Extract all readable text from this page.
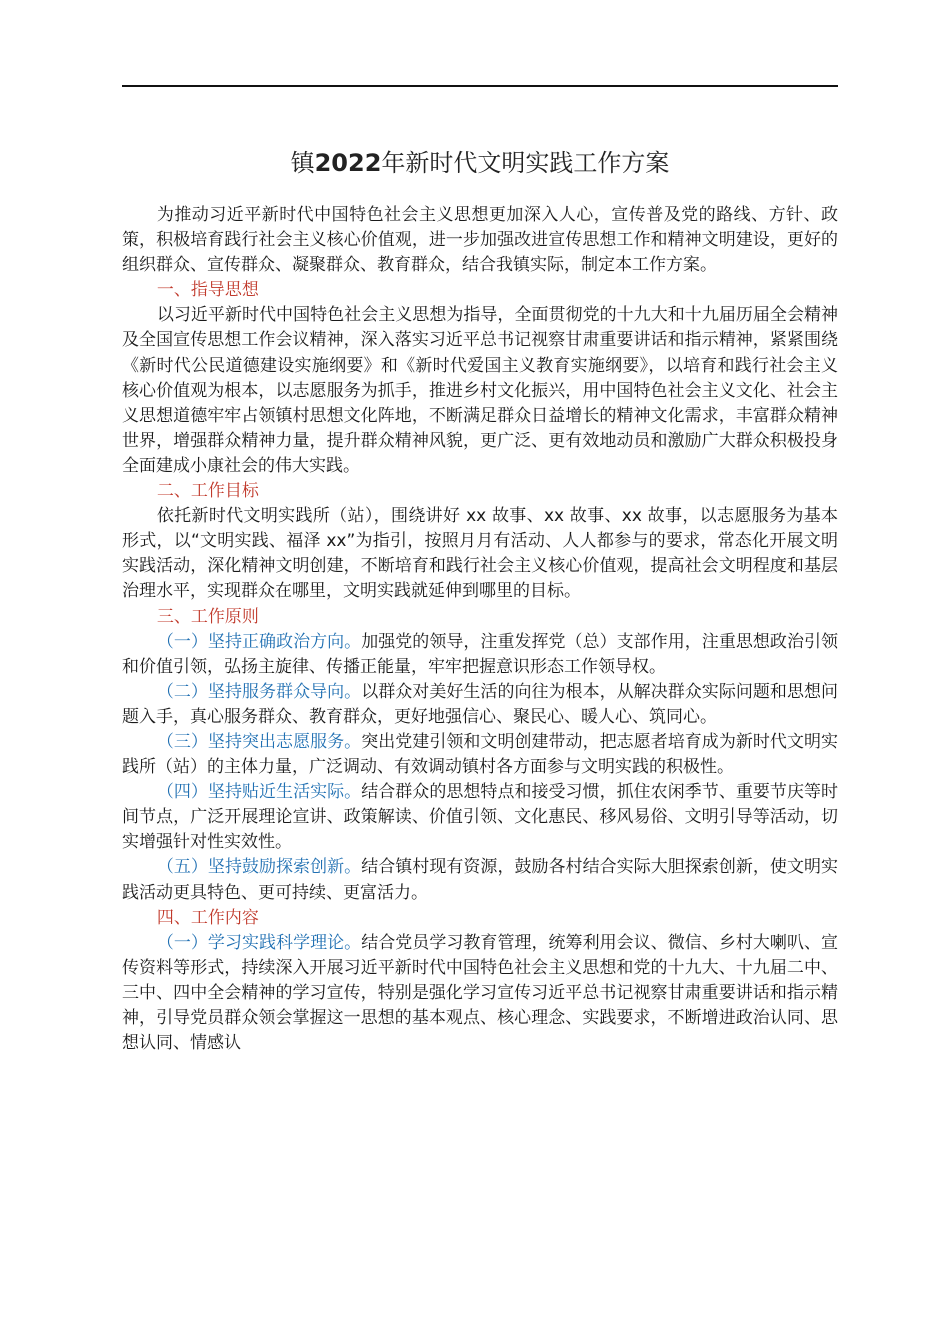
镇2022年新时代文明实践工作方案

为推动习近平新时代中国特色社会主义思想更加深入人心，宣传普及党的路线、方针、政策，积极培育践行社会主义核心价值观，进一步加强改进宣传思想工作和精神文明建设，更好的组织群众、宣传群众、凝聚群众、教育群众，结合我镇实际，制定本工作方案。

一、指导思想

以习近平新时代中国特色社会主义思想为指导，全面贯彻党的十九大和十九届历届全会精神及全国宣传思想工作会议精神，深入落实习近平总书记视察甘肃重要讲话和指示精神，紧紧围绕《新时代公民道德建设实施纲要》和《新时代爱国主义教育实施纲要》，以培育和践行社会主义核心价值观为根本，以志愿服务为抓手，推进乡村文化振兴，用中国特色社会主义文化、社会主义思想道德牢牢占领镇村思想文化阵地，不断满足群众日益增长的精神文化需求，丰富群众精神世界，增强群众精神力量，提升群众精神风貌，更广泛、更有效地动员和激励广大群众积极投身全面建成小康社会的伟大实践。

二、工作目标

依托新时代文明实践所（站），围绕讲好 xx 故事、xx 故事、xx 故事，以志愿服务为基本形式，以“文明实践、福泽 xx”为指引，按照月月有活动、人人都参与的要求，常态化开展文明实践活动，深化精神文明创建，不断培育和践行社会主义核心价值观，提高社会文明程度和基层治理水平，实现群众在哪里，文明实践就延伸到哪里的目标。

三、工作原则

（一）坚持正确政治方向。加强党的领导，注重发挥党（总）支部作用，注重思想政治引领和价值引领，弘扬主旋律、传播正能量，牢牢把握意识形态工作领导权。

（二）坚持服务群众导向。以群众对美好生活的向往为根本，从解决群众实际问题和思想问题入手，真心服务群众、教育群众，更好地强信心、聚民心、暖人心、筑同心。

（三）坚持突出志愿服务。突出党建引领和文明创建带动，把志愿者培育成为新时代文明实践所（站）的主体力量，广泛调动、有效调动镇村各方面参与文明实践的积极性。

（四）坚持贴近生活实际。结合群众的思想特点和接受习惯，抓住农闲季节、重要节庆等时间节点，广泛开展理论宣讲、政策解读、价值引领、文化惠民、移风易俗、文明引导等活动，切实增强针对性实效性。

（五）坚持鼓励探索创新。结合镇村现有资源，鼓励各村结合实际大胆探索创新，使文明实践活动更具特色、更可持续、更富活力。

四、工作内容

（一）学习实践科学理论。结合党员学习教育管理，统筹利用会议、微信、乡村大喇叭、宣传资料等形式，持续深入开展习近平新时代中国特色社会主义思想和党的十九大、十九届二中、三中、四中全会精神的学习宣传，特别是强化学习宣传习近平总书记视察甘肃重要讲话和指示精神，引导党员群众领会掌握这一思想的基本观点、核心理念、实践要求，不断增进政治认同、思想认同、情感认
